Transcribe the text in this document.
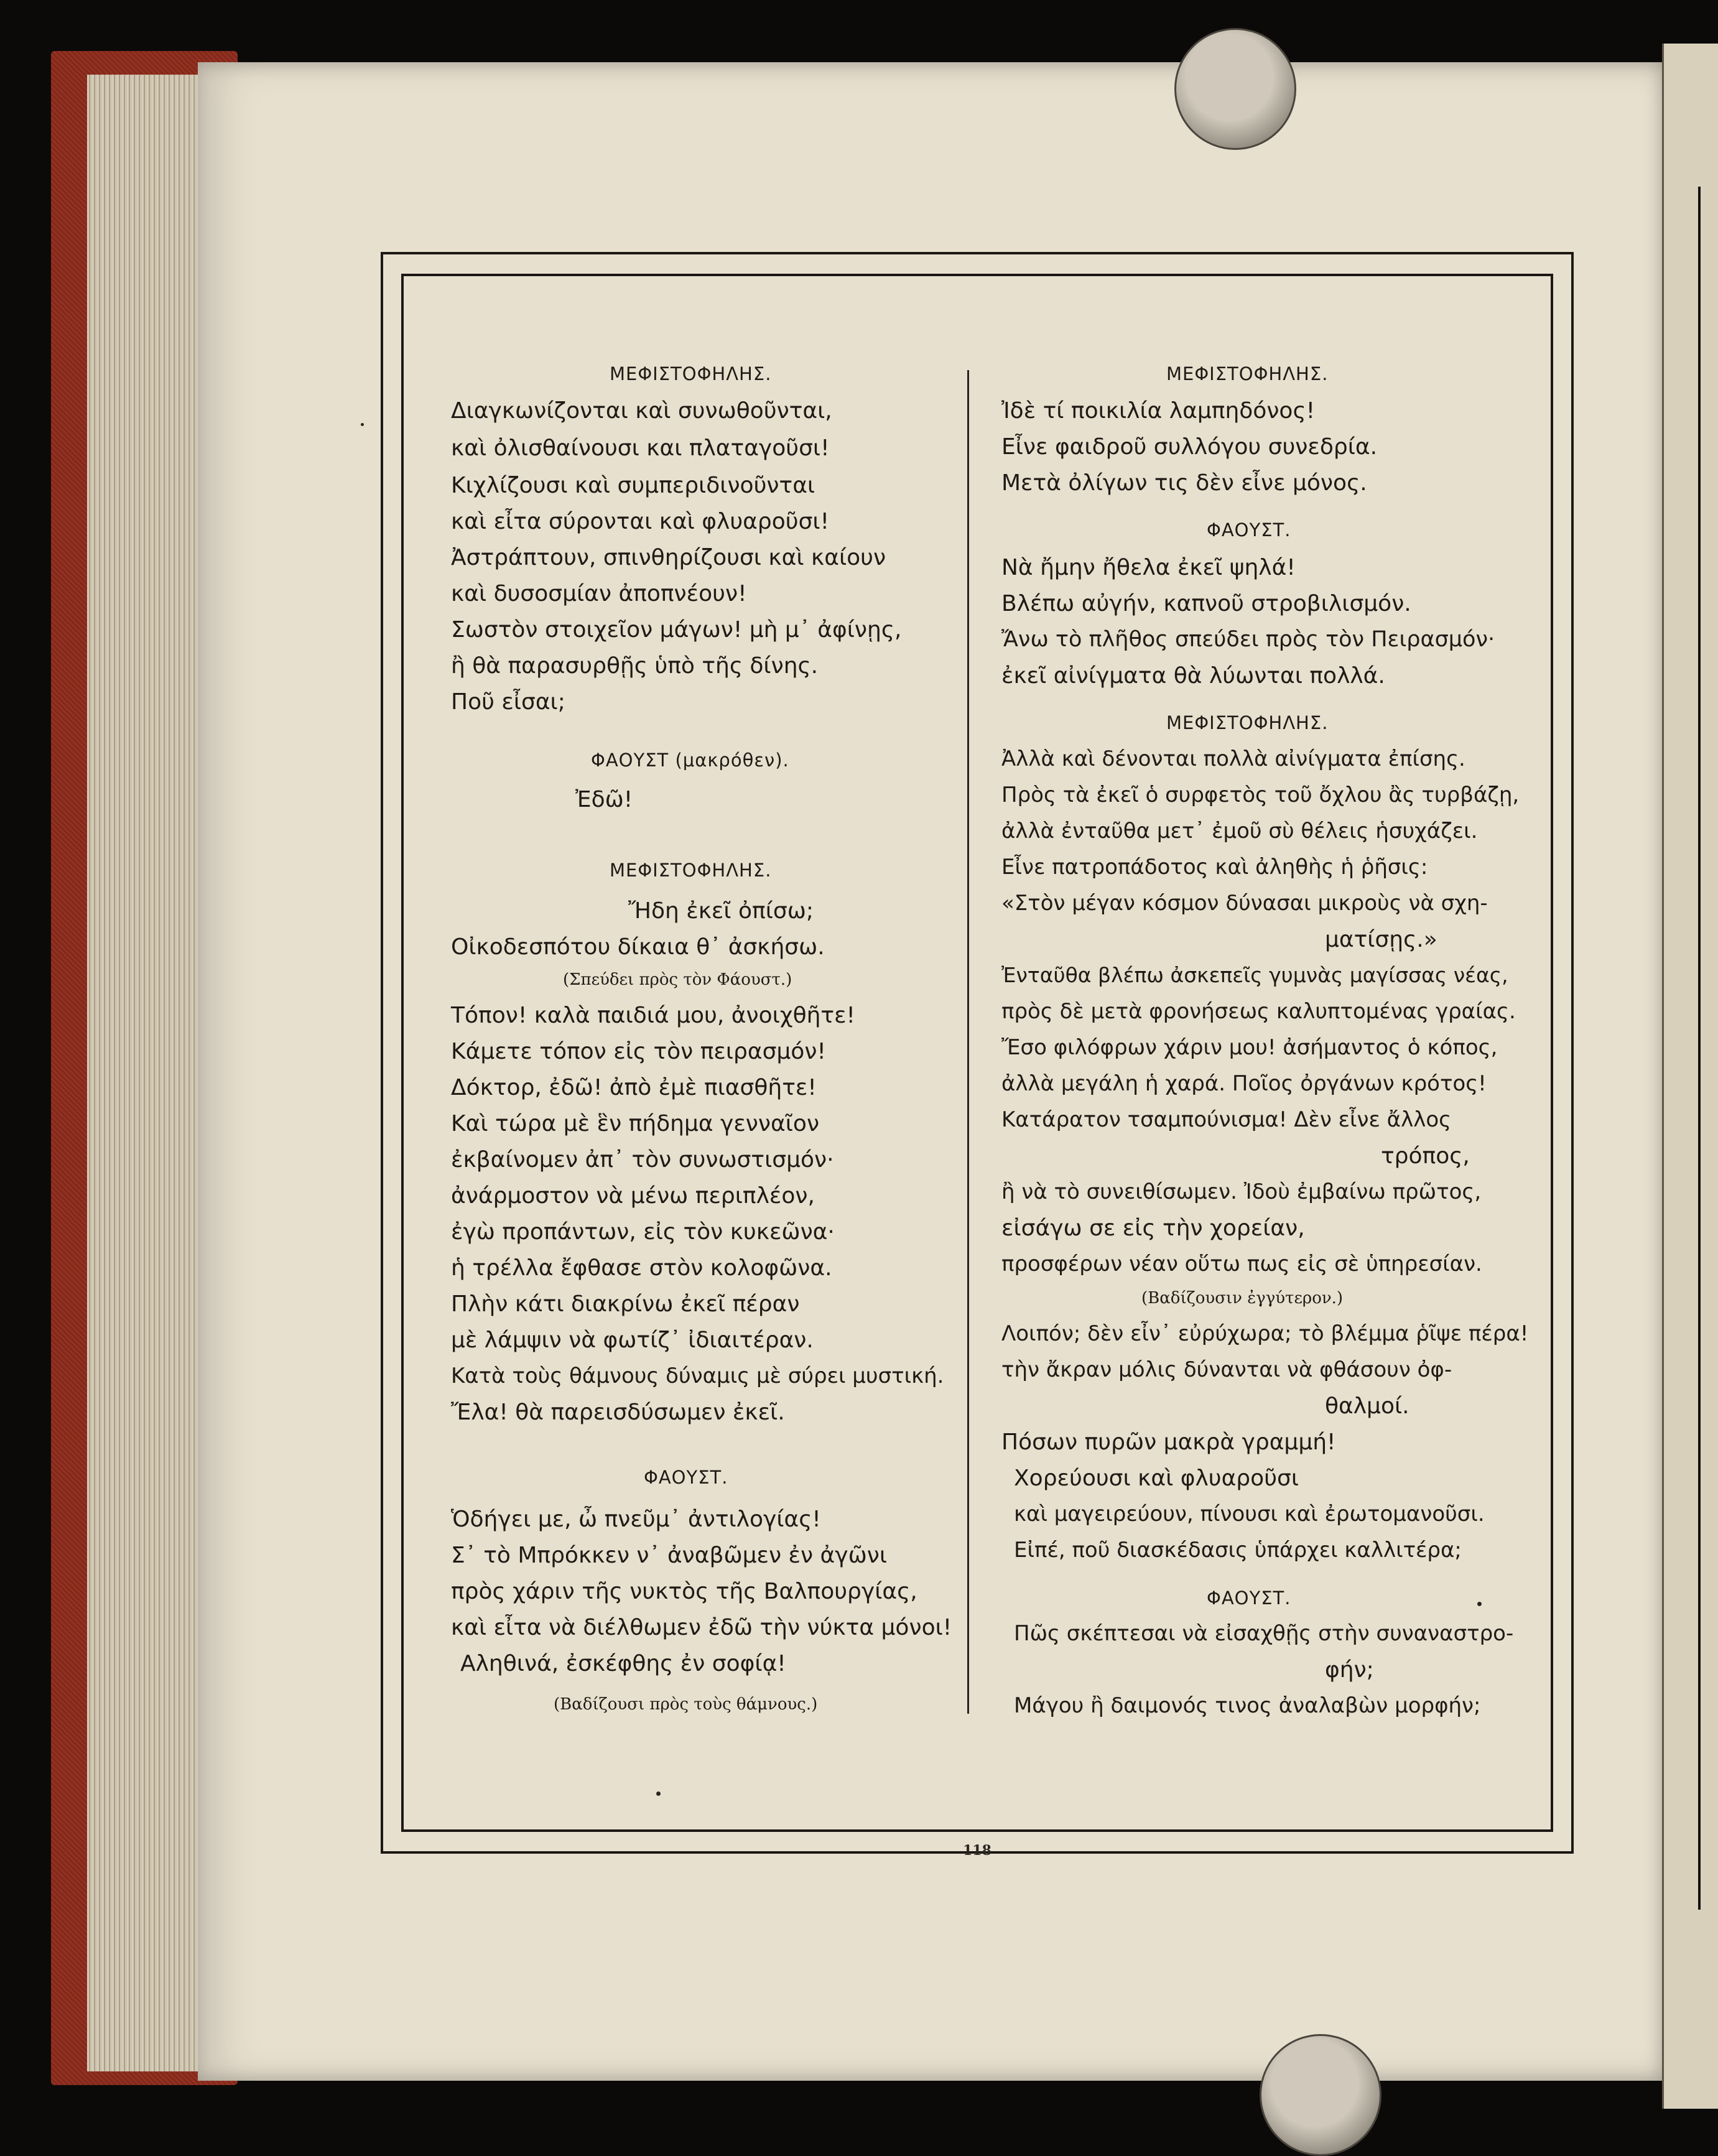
ΜΕΦΙΣΤΟΦΗΛΗΣ.
Διαγκωνίζονται καὶ συνωθοῦνται,
καὶ ὀλισθαίνουσι και πλαταγοῦσι!
Κιχλίζουσι καὶ συμπεριδινοῦνται
καὶ εἶτα σύρονται καὶ φλυαροῦσι!
Ἀστράπτουν, σπινθηρίζουσι καὶ καίουν
καὶ δυσοσμίαν ἀποπνέουν!
Σωστὸν στοιχεῖον μάγων! μὴ μ᾽ ἀφίνῃς,
ἢ θὰ παρασυρθῇς ὑπὸ τῆς δίνης.
Ποῦ εἶσαι;
ΦΑΟΥΣΤ (μακρόθεν).
Ἐδῶ!
ΜΕΦΙΣΤΟΦΗΛΗΣ.
Ἤδη ἐκεῖ ὀπίσω;
Οἰκοδεσπότου δίκαια θ᾽ ἀσκήσω.
(Σπεύδει πρὸς τὸν Φάουστ.)
Τόπον! καλὰ παιδιά μου, ἀνοιχθῆτε!
Κάμετε τόπον εἰς τὸν πειρασμόν!
Δόκτορ, ἐδῶ! ἀπὸ ἐμὲ πιασθῆτε!
Καὶ τώρα μὲ ἓν πήδημα γενναῖον
ἐκβαίνομεν ἀπ᾽ τὸν συνωστισμόν·
ἀνάρμοστον νὰ μένω περιπλέον,
ἐγὼ προπάντων, εἰς τὸν κυκεῶνα·
ἡ τρέλλα ἔφθασε στὸν κολοφῶνα.
Πλὴν κάτι διακρίνω ἐκεῖ πέραν
μὲ λάμψιν νὰ φωτίζ᾽ ἰδιαιτέραν.
Κατὰ τοὺς θάμνους δύναμις μὲ σύρει μυστική.
Ἔλα! θὰ παρεισδύσωμεν ἐκεῖ.
ΦΑΟΥΣΤ.
Ὁδήγει με, ὦ πνεῦμ᾽ ἀντιλογίας!
Σ᾽ τὸ Μπρόκκεν ν᾽ ἀναβῶμεν ἐν ἀγῶνι
πρὸς χάριν τῆς νυκτὸς τῆς Βαλπουργίας,
καὶ εἶτα νὰ διέλθωμεν ἐδῶ τὴν νύκτα μόνοι!
Αληθινά, ἐσκέφθης ἐν σοφίᾳ!
(Βαδίζουσι πρὸς τοὺς θάμνους.)
ΜΕΦΙΣΤΟΦΗΛΗΣ.
Ἰδὲ τί ποικιλία λαμπηδόνος!
Εἶνε φαιδροῦ συλλόγου συνεδρία.
Μετὰ ὀλίγων τις δὲν εἶνε μόνος.
ΦΑΟΥΣΤ.
Νὰ ἤμην ἤθελα ἐκεῖ ψηλά!
Βλέπω αὐγήν, καπνοῦ στροβιλισμόν.
Ἄνω τὸ πλῆθος σπεύδει πρὸς τὸν Πειρασμόν·
ἐκεῖ αἰνίγματα θὰ λύωνται πολλά.
ΜΕΦΙΣΤΟΦΗΛΗΣ.
Ἀλλὰ καὶ δένονται πολλὰ αἰνίγματα ἐπίσης.
Πρὸς τὰ ἐκεῖ ὁ συρφετὸς τοῦ ὄχλου ἂς τυρβάζῃ,
ἀλλὰ ἐνταῦθα μετ᾽ ἐμοῦ σὺ θέλεις ἡσυχάζει.
Εἶνε πατροπάδοτος καὶ ἀληθὴς ἡ ῥῆσις:
«Στὸν μέγαν κόσμον δύνασαι μικροὺς νὰ σχη-
ματίσῃς.»
Ἐνταῦθα βλέπω ἀσκεπεῖς γυμνὰς μαγίσσας νέας,
πρὸς δὲ μετὰ φρονήσεως καλυπτομένας γραίας.
Ἔσο φιλόφρων χάριν μου! ἀσήμαντος ὁ κόπος,
ἀλλὰ μεγάλη ἡ χαρά. Ποῖος ὀργάνων κρότος!
Κατάρατον τσαμπούνισμα! Δὲν εἶνε ἄλλος
τρόπος,
ἢ νὰ τὸ συνειθίσωμεν. Ἰδοὺ ἐμβαίνω πρῶτος,
εἰσάγω σε εἰς τὴν χορείαν,
προσφέρων νέαν οὕτω πως εἰς σὲ ὑπηρεσίαν.
(Βαδίζουσιν ἐγγύτερον.)
Λοιπόν; δὲν εἶν᾽ εὐρύχωρα; τὸ βλέμμα ῥῖψε πέρα!
τὴν ἄκραν μόλις δύνανται νὰ φθάσουν ὀφ-
θαλμοί.
Πόσων πυρῶν μακρὰ γραμμή!
Χορεύουσι καὶ φλυαροῦσι
καὶ μαγειρεύουν, πίνουσι καὶ ἐρωτομανοῦσι.
Εἰπέ, ποῦ διασκέδασις ὑπάρχει καλλιτέρα;
ΦΑΟΥΣΤ.
Πῶς σκέπτεσαι νὰ εἰσαχθῇς στὴν συναναστρο-
φήν;
Μάγου ἢ δαιμονός τινος ἀναλαβὼν μορφήν;
118
